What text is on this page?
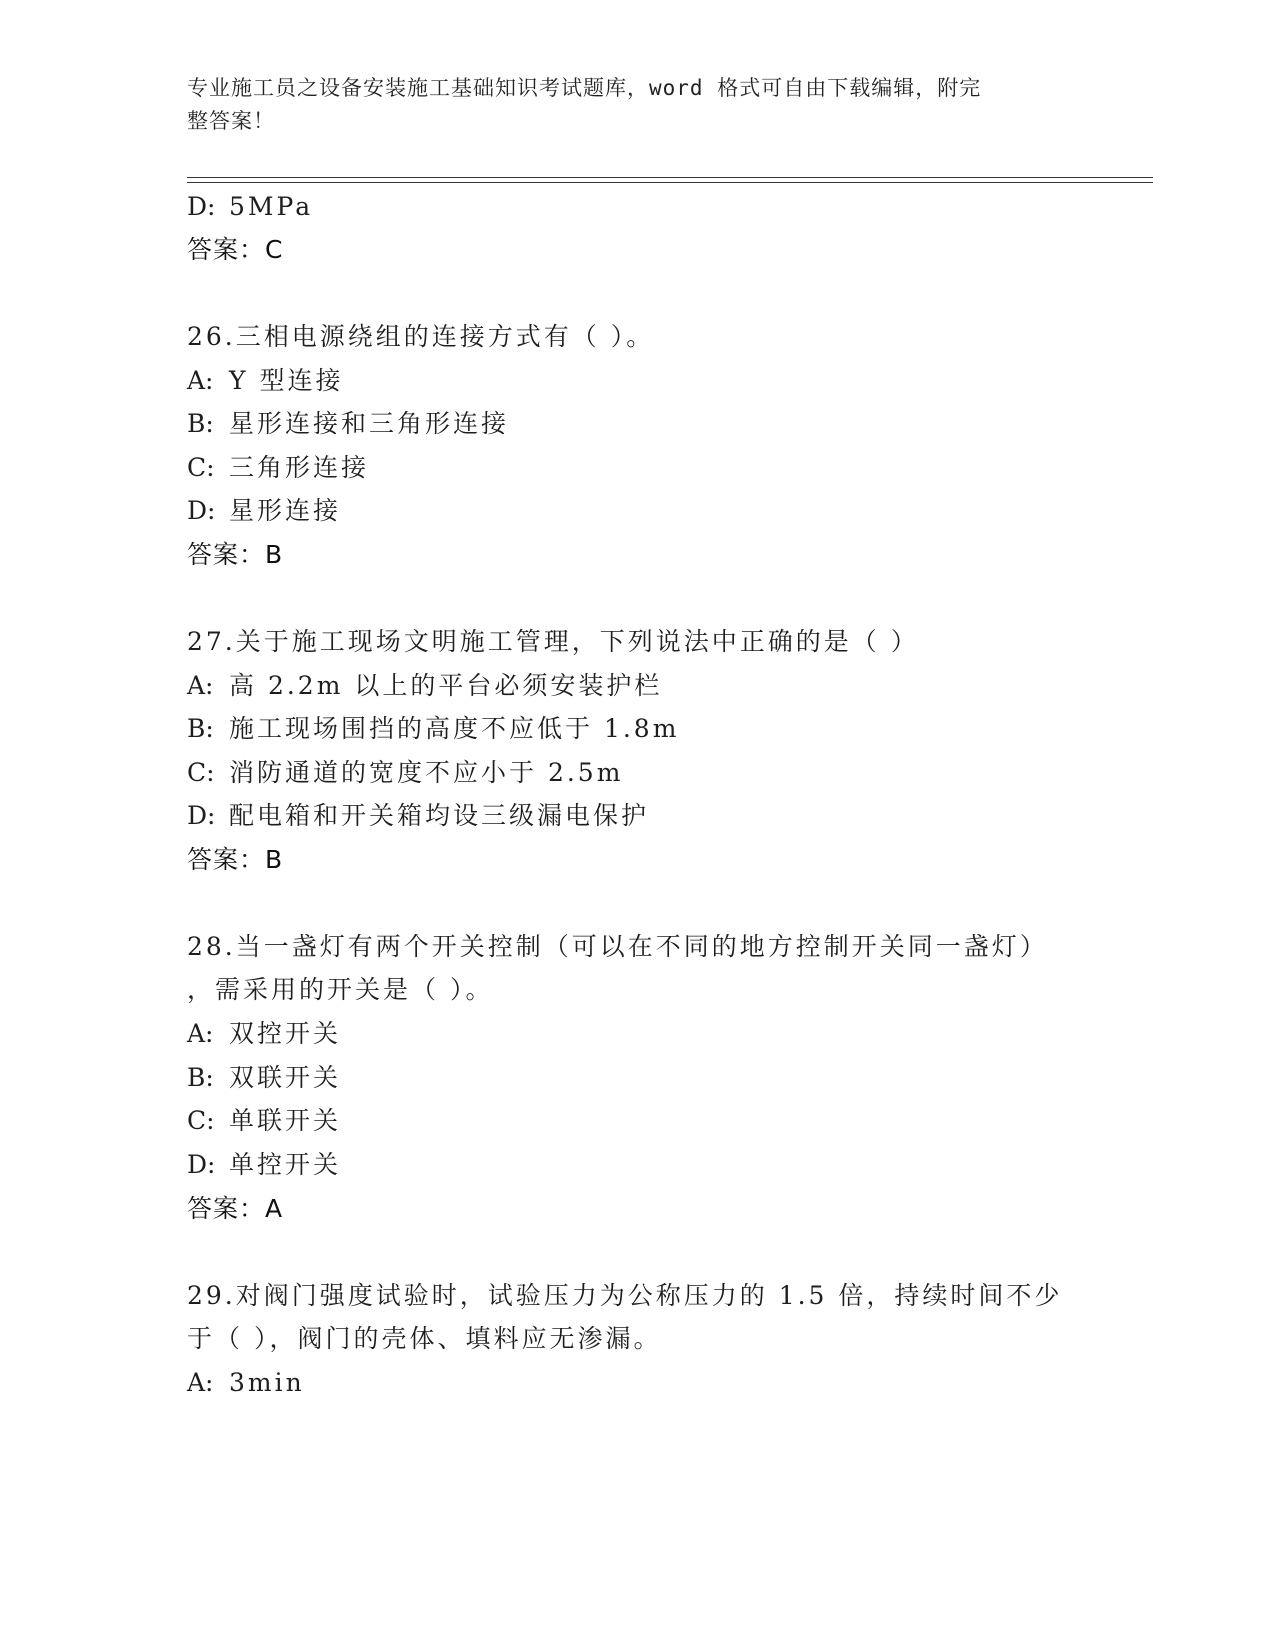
专业施工员之设备安装施工基础知识考试题库，word 格式可自由下载编辑，附完
整答案！
D: 5MPa
答案：C
26.三相电源绕组的连接方式有（ ）。
A: Y 型连接
B: 星形连接和三角形连接
C: 三角形连接
D: 星形连接
答案：B
27.关于施工现场文明施工管理，下列说法中正确的是（ ）
A: 高 2.2m 以上的平台必须安装护栏
B: 施工现场围挡的高度不应低于 1.8m
C: 消防通道的宽度不应小于 2.5m
D: 配电箱和开关箱均设三级漏电保护
答案：B
28.当一盏灯有两个开关控制（可以在不同的地方控制开关同一盏灯）
，需采用的开关是（ ）。
A: 双控开关
B: 双联开关
C: 单联开关
D: 单控开关
答案：A
29.对阀门强度试验时，试验压力为公称压力的 1.5 倍，持续时间不少
于（ ），阀门的壳体、填料应无渗漏。
A: 3min
